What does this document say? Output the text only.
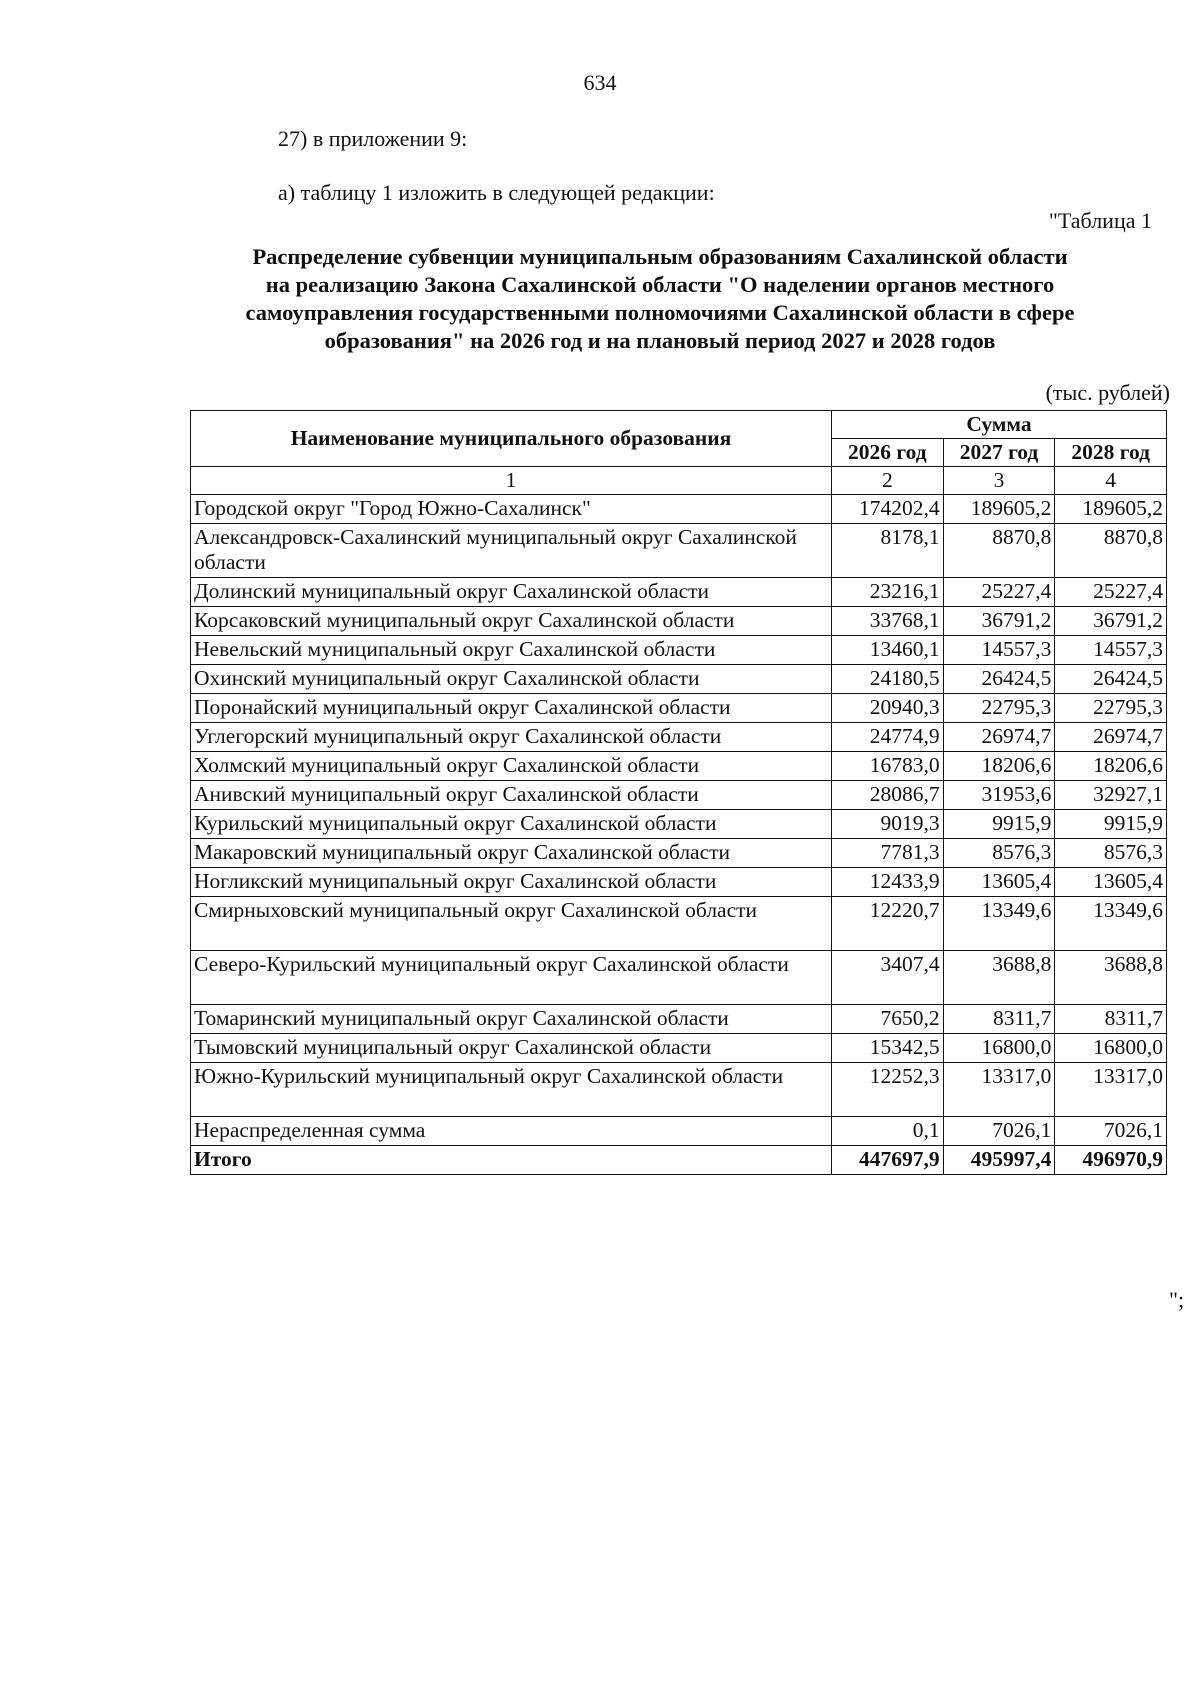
634
27) в приложении 9:
а) таблицу 1 изложить в следующей редакции:
"Таблица 1
Распределение субвенции муниципальным образованиям Сахалинской области
на реализацию Закона Сахалинской области "О наделении органов местного
самоуправления государственными полномочиями Сахалинской области в сфере
образования" на 2026 год и на плановый период 2027 и 2028 годов
(тыс. рублей)
Наименование муниципального образования	Сумма		
	2026 год	2027 год	2028 год
1	2	3	4
Городской округ "Город Южно-Сахалинск"	174202,4	189605,2	189605,2
Александровск-Сахалинский муниципальный округ Сахалинской области	8178,1	8870,8	8870,8
Долинский муниципальный округ Сахалинской области	23216,1	25227,4	25227,4
Корсаковский муниципальный округ Сахалинской области	33768,1	36791,2	36791,2
Невельский муниципальный округ Сахалинской области	13460,1	14557,3	14557,3
Охинский муниципальный округ Сахалинской области	24180,5	26424,5	26424,5
Поронайский муниципальный округ Сахалинской области	20940,3	22795,3	22795,3
Углегорский муниципальный округ Сахалинской области	24774,9	26974,7	26974,7
Холмский муниципальный округ Сахалинской области	16783,0	18206,6	18206,6
Анивский муниципальный округ Сахалинской области	28086,7	31953,6	32927,1
Курильский муниципальный округ Сахалинской области	9019,3	9915,9	9915,9
Макаровский муниципальный округ Сахалинской области	7781,3	8576,3	8576,3
Ногликский муниципальный округ Сахалинской области	12433,9	13605,4	13605,4
Смирныховский муниципальный округ Сахалинской области	12220,7	13349,6	13349,6
Северо-Курильский муниципальный округ Сахалинской области	3407,4	3688,8	3688,8
Томаринский муниципальный округ Сахалинской области	7650,2	8311,7	8311,7
Тымовский муниципальный округ Сахалинской области	15342,5	16800,0	16800,0
Южно-Курильский муниципальный округ Сахалинской области	12252,3	13317,0	13317,0
Нераспределенная сумма	0,1	7026,1	7026,1
Итого	447697,9	495997,4	496970,9
";
